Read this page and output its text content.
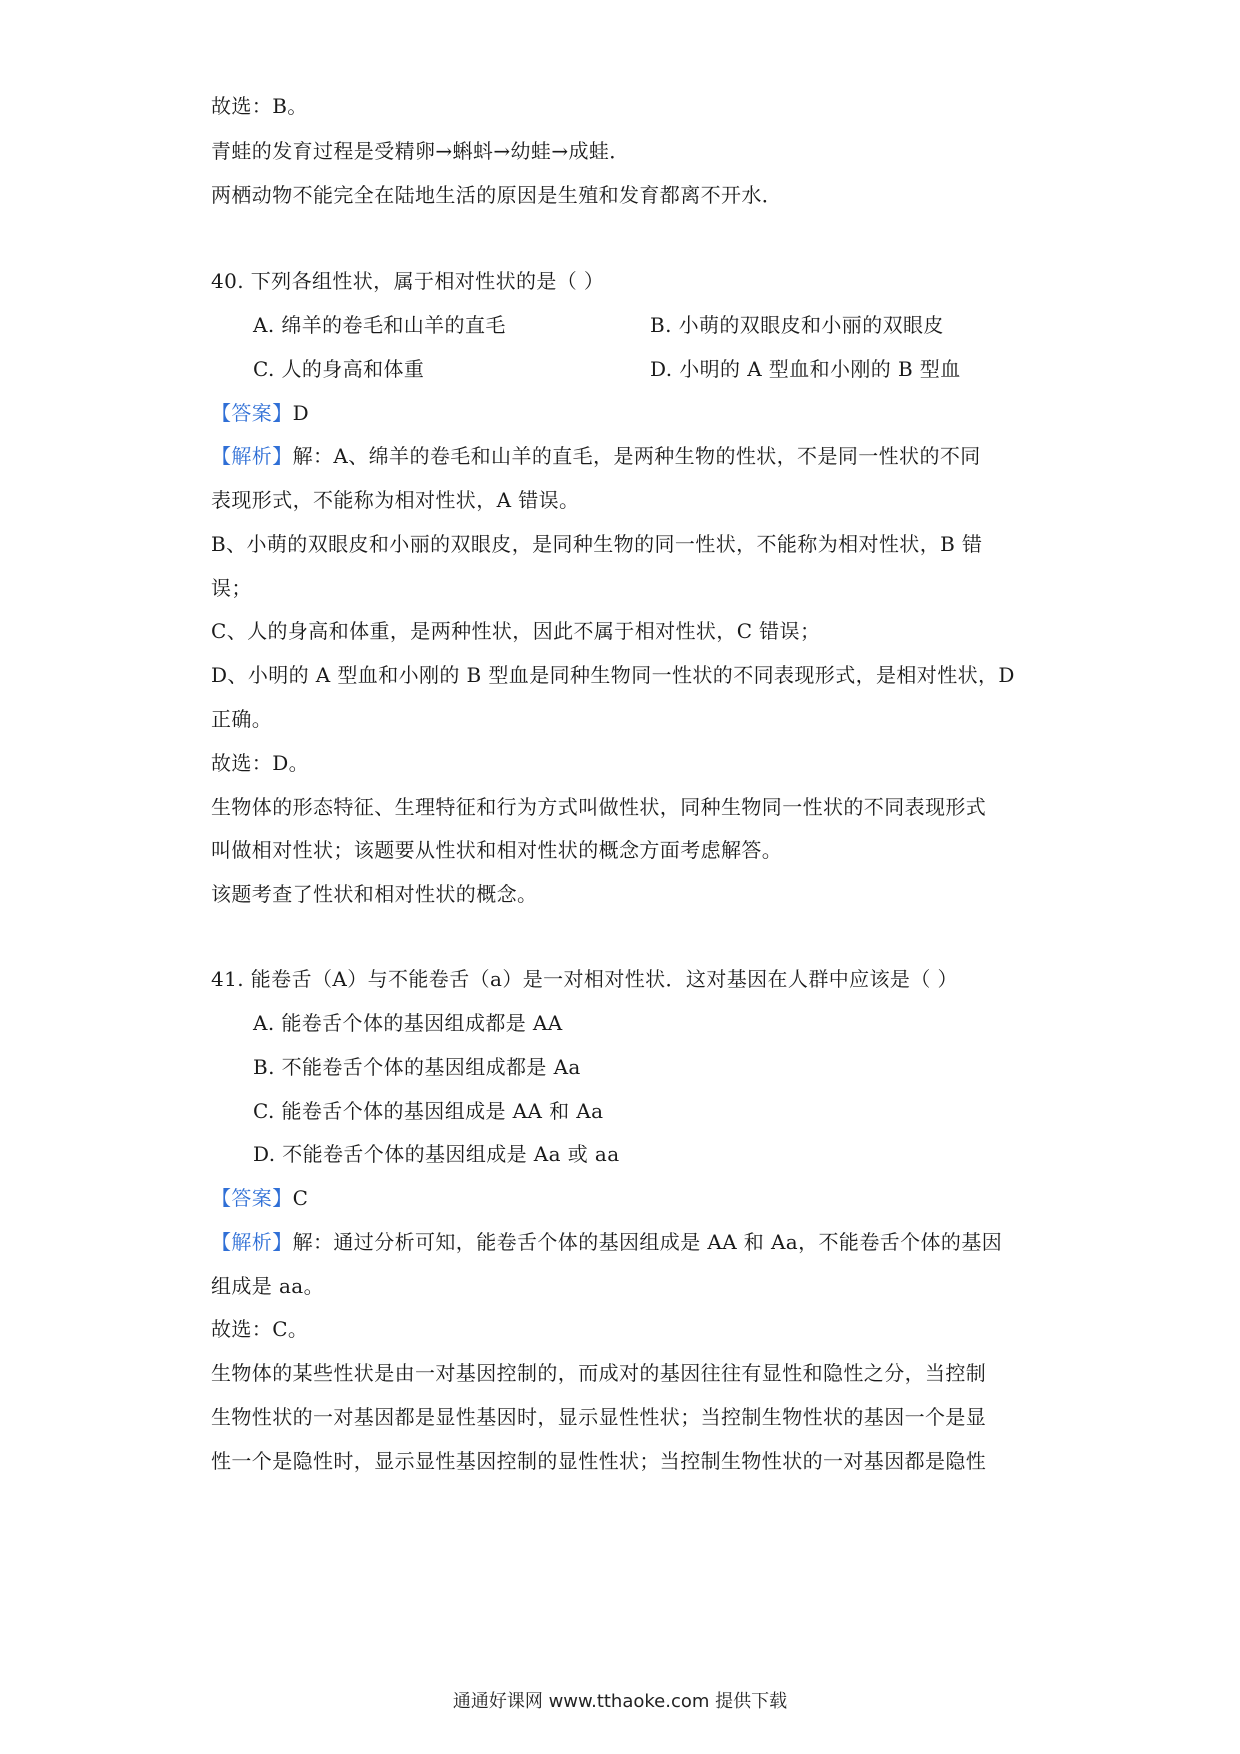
故选：B。
青蛙的发育过程是受精卵→蝌蚪→幼蛙→成蛙．
两栖动物不能完全在陆地生活的原因是生殖和发育都离不开水．
40. 下列各组性状，属于相对性状的是（ ）
A. 绵羊的卷毛和山羊的直毛	B. 小萌的双眼皮和小丽的双眼皮
C. 人的身高和体重	D. 小明的 A 型血和小刚的 B 型血
【答案】D
【解析】解：A、绵羊的卷毛和山羊的直毛，是两种生物的性状，不是同一性状的不同
表现形式，不能称为相对性状，A 错误。
B、小萌的双眼皮和小丽的双眼皮，是同种生物的同一性状，不能称为相对性状，B 错
误；
C、人的身高和体重，是两种性状，因此不属于相对性状，C 错误；
D、小明的 A 型血和小刚的 B 型血是同种生物同一性状的不同表现形式，是相对性状，D
正确。
故选：D。
生物体的形态特征、生理特征和行为方式叫做性状，同种生物同一性状的不同表现形式
叫做相对性状；该题要从性状和相对性状的概念方面考虑解答。
该题考查了性状和相对性状的概念。
41. 能卷舌（A）与不能卷舌（a）是一对相对性状．这对基因在人群中应该是（ ）
A. 能卷舌个体的基因组成都是 AA
B. 不能卷舌个体的基因组成都是 Aa
C. 能卷舌个体的基因组成是 AA 和 Aa
D. 不能卷舌个体的基因组成是 Aa 或 aa
【答案】C
【解析】解：通过分析可知，能卷舌个体的基因组成是 AA 和 Aa，不能卷舌个体的基因
组成是 aa。
故选：C。
生物体的某些性状是由一对基因控制的，而成对的基因往往有显性和隐性之分，当控制
生物性状的一对基因都是显性基因时，显示显性性状；当控制生物性状的基因一个是显
性一个是隐性时，显示显性基因控制的显性性状；当控制生物性状的一对基因都是隐性
通通好课网 www.tthaoke.com 提供下载
